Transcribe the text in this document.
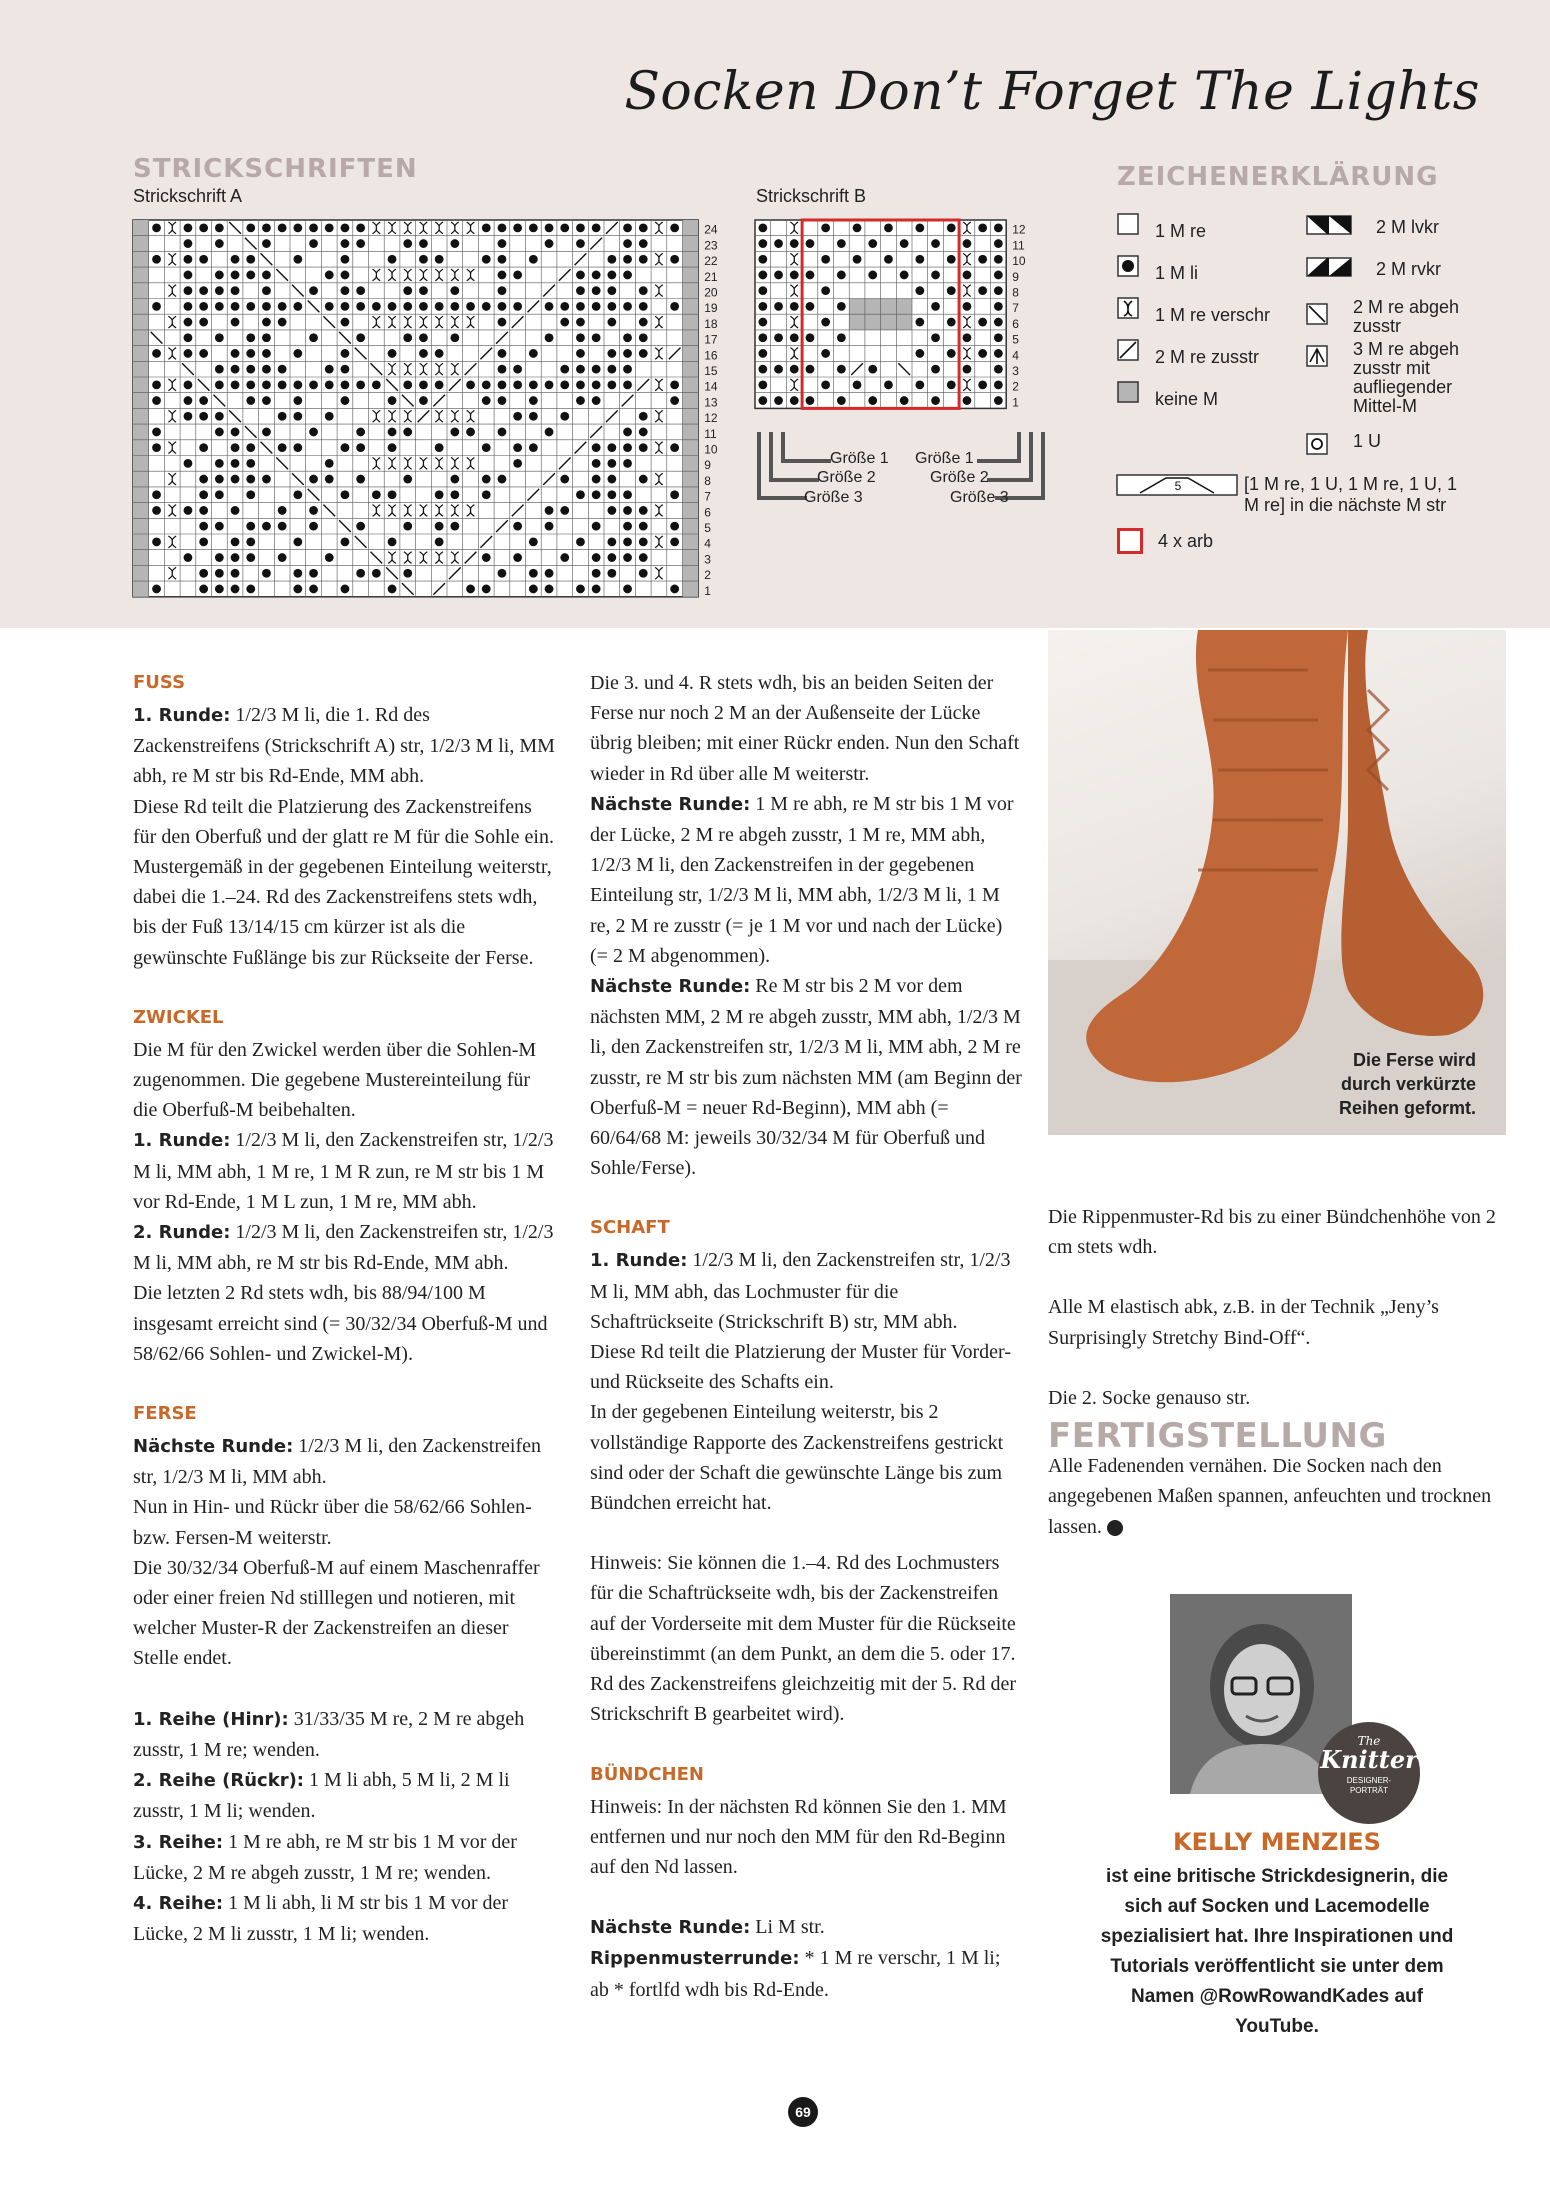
Socken Don’t Forget The Lights
STRICKSCHRIFTEN
Strickschrift A	Strickschrift B
24
23
22
21
20
19
18
17
16
15
14
13
12
11
10
9
8
7
6
5
4
3
2
1
12
11
10
9
8
7
6
5
4
3
2
1
Größe 1
Größe 2
Größe 3
Größe 1
Größe 2
Größe 3
ZEICHENERKLÄRUNG
1 M re
1 M li
1 M re verschr
2 M re zusstr
keine M
2 M lvkr
2 M rvkr
2 M re abgeh zusstr
3 M re abgeh zusstr mit aufliegender Mittel-M
1 U
5	[1 M re, 1 U, 1 M re, 1 U, 1 M re] in die nächste M str
4 x arb
FUSS

1. Runde: 1/2/3 M li, die 1. Rd des Zackenstreifens (Strickschrift A) str, 1/2/3 M li, MM abh, re M str bis Rd-Ende, MM abh.

Diese Rd teilt die Platzierung des Zackenstreifens für den Oberfuß und der glatt re M für die Sohle ein.

Mustergemäß in der gegebenen Einteilung weiterstr, dabei die 1.–24. Rd des Zackenstreifens stets wdh, bis der Fuß 13/14/15 cm kürzer ist als die gewünschte Fußlänge bis zur Rückseite der Ferse.

ZWICKEL

Die M für den Zwickel werden über die Sohlen-M zugenommen. Die gegebene Mustereinteilung für die Oberfuß-M beibehalten.

1. Runde: 1/2/3 M li, den Zackenstreifen str, 1/2/3 M li, MM abh, 1 M re, 1 M R zun, re M str bis 1 M vor Rd-Ende, 1 M L zun, 1 M re, MM abh.

2. Runde: 1/2/3 M li, den Zackenstreifen str, 1/2/3 M li, MM abh, re M str bis Rd-Ende, MM abh.

Die letzten 2 Rd stets wdh, bis 88/94/100 M insgesamt erreicht sind (= 30/32/34 Oberfuß-M und 58/62/66 Sohlen- und Zwickel-M).

FERSE

Nächste Runde: 1/2/3 M li, den Zackenstreifen str, 1/2/3 M li, MM abh.

Nun in Hin- und Rückr über die 58/62/66 Sohlen- bzw. Fersen-M weiterstr.

Die 30/32/34 Oberfuß-M auf einem Maschenraffer oder einer freien Nd stilllegen und notieren, mit welcher Muster-R der Zackenstreifen an dieser Stelle endet.

1. Reihe (Hinr): 31/33/35 M re, 2 M re abgeh zusstr, 1 M re; wenden.

2. Reihe (Rückr): 1 M li abh, 5 M li, 2 M li zusstr, 1 M li; wenden.

3. Reihe: 1 M re abh, re M str bis 1 M vor der Lücke, 2 M re abgeh zusstr, 1 M re; wenden.

4. Reihe: 1 M li abh, li M str bis 1 M vor der Lücke, 2 M li zusstr, 1 M li; wenden.

Die 3. und 4. R stets wdh, bis an beiden Seiten der Ferse nur noch 2 M an der Außenseite der Lücke übrig bleiben; mit einer Rückr enden. Nun den Schaft wieder in Rd über alle M weiterstr.

Nächste Runde: 1 M re abh, re M str bis 1 M vor der Lücke, 2 M re abgeh zusstr, 1 M re, MM abh, 1/2/3 M li, den Zackenstreifen in der gegebenen Einteilung str, 1/2/3 M li, MM abh, 1/2/3 M li, 1 M re, 2 M re zusstr (= je 1 M vor und nach der Lücke) (= 2 M abgenommen).

Nächste Runde: Re M str bis 2 M vor dem nächsten MM, 2 M re abgeh zusstr, MM abh, 1/2/3 M li, den Zackenstreifen str, 1/2/3 M li, MM abh, 2 M re zusstr, re M str bis zum nächsten MM (am Beginn der Oberfuß-M = neuer Rd-Beginn), MM abh (= 60/64/68 M: jeweils 30/32/34 M für Oberfuß und Sohle/Ferse).

SCHAFT

1. Runde: 1/2/3 M li, den Zackenstreifen str, 1/2/3 M li, MM abh, das Lochmuster für die Schaftrückseite (Strickschrift B) str, MM abh.

Diese Rd teilt die Platzierung der Muster für Vorder- und Rückseite des Schafts ein.

In der gegebenen Einteilung weiterstr, bis 2 vollständige Rapporte des Zackenstreifens gestrickt sind oder der Schaft die gewünschte Länge bis zum Bündchen erreicht hat.

Hinweis: Sie können die 1.–4. Rd des Lochmusters für die Schaftrückseite wdh, bis der Zackenstreifen auf der Vorderseite mit dem Muster für die Rückseite übereinstimmt (an dem Punkt, an dem die 5. oder 17. Rd des Zackenstreifens gleichzeitig mit der 5. Rd der Strickschrift B gearbeitet wird).

BÜNDCHEN

Hinweis: In der nächsten Rd können Sie den 1. MM entfernen und nur noch den MM für den Rd-Beginn auf den Nd lassen.

Nächste Runde: Li M str.

Rippenmusterrunde: * 1 M re verschr, 1 M li; ab * fortlfd wdh bis Rd-Ende.

Die Ferse wird durch verkürzte Reihen geformt.

Die Rippenmuster-Rd bis zu einer Bündchenhöhe von 2 cm stets wdh.

Alle M elastisch abk, z.B. in der Technik „Jeny’s Surprisingly Stretchy Bind-Off“.

Die 2. Socke genauso str.

FERTIGSTELLUNG

Alle Fadenenden vernähen. Die Socken nach den angegebenen Maßen spannen, anfeuchten und trocknen lassen.

The
Knitter
DESIGNER-PORTRÄT
KELLY MENZIES
ist eine britische Strickdesignerin, die sich auf Socken und Lacemodelle spezialisiert hat. Ihre Inspirationen und Tutorials veröffentlicht sie unter dem Namen @RowRowandKades auf YouTube.
69
